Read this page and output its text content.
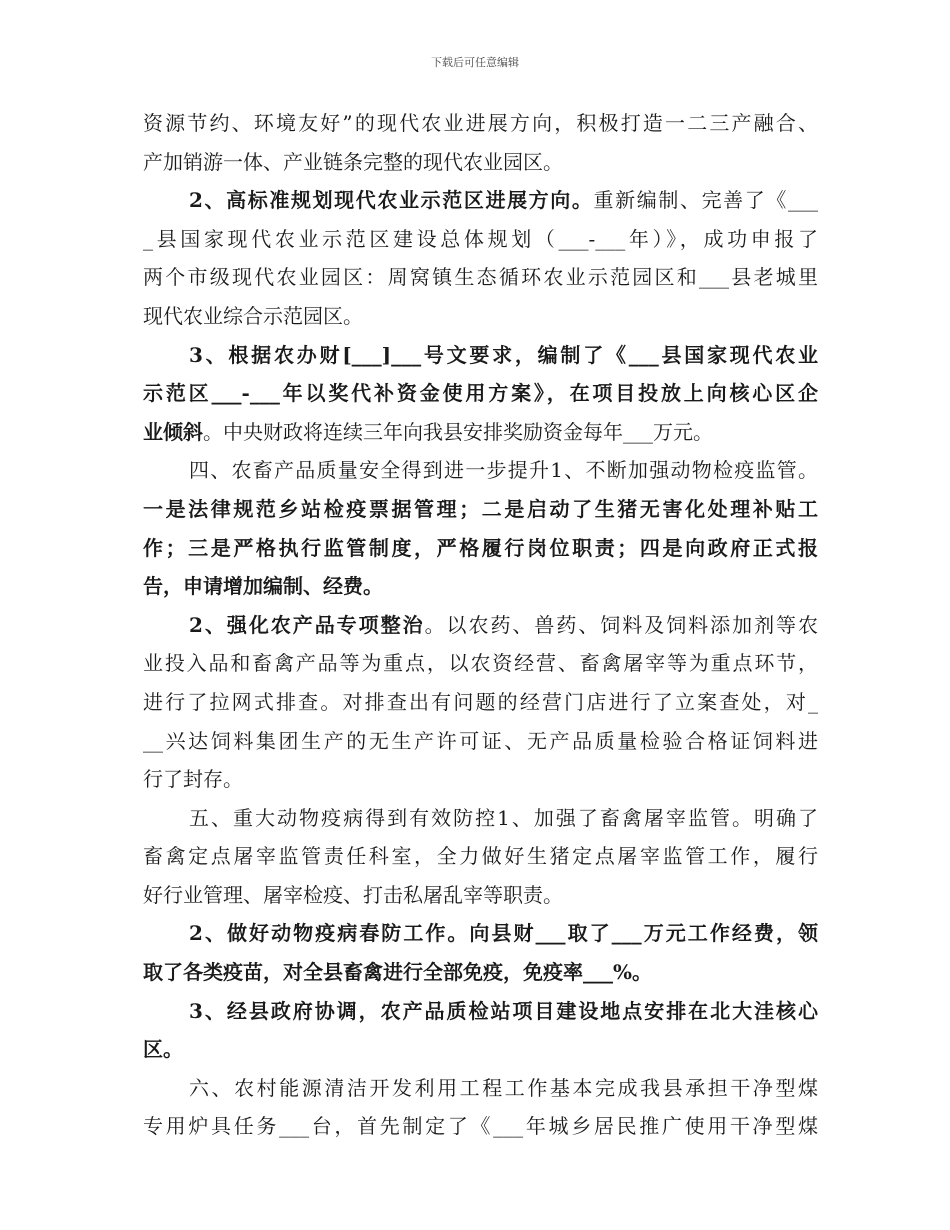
下载后可任意编辑
资源节约、环境友好”的现代农业进展方向，积极打造一二三产融合、
产加销游一体、产业链条完整的现代农业园区。
2、高标准规划现代农业示范区进展方向。重新编制、完善了《___
_县国家现代农业示范区建设总体规划（___-___年）》，成功申报了
两个市级现代农业园区：周窝镇生态循环农业示范园区和___县老城里
现代农业综合示范园区。
3、根据农办财[___]___号文要求，编制了《___县国家现代农业
示范区___-___年以奖代补资金使用方案》，在项目投放上向核心区企
业倾斜。中央财政将连续三年向我县安排奖励资金每年___万元。
四、农畜产品质量安全得到进一步提升1、不断加强动物检疫监管。
一是法律规范乡站检疫票据管理；二是启动了生猪无害化处理补贴工
作；三是严格执行监管制度，严格履行岗位职责；四是向政府正式报
告，申请增加编制、经费。
2、强化农产品专项整治。以农药、兽药、饲料及饲料添加剂等农
业投入品和畜禽产品等为重点，以农资经营、畜禽屠宰等为重点环节，
进行了拉网式排查。对排查出有问题的经营门店进行了立案查处，对_
__兴达饲料集团生产的无生产许可证、无产品质量检验合格证饲料进
行了封存。
五、重大动物疫病得到有效防控1、加强了畜禽屠宰监管。明确了
畜禽定点屠宰监管责任科室，全力做好生猪定点屠宰监管工作，履行
好行业管理、屠宰检疫、打击私屠乱宰等职责。
2、做好动物疫病春防工作。向县财___取了___万元工作经费，领
取了各类疫苗，对全县畜禽进行全部免疫，免疫率___%。
3、经县政府协调，农产品质检站项目建设地点安排在北大洼核心
区。
六、农村能源清洁开发利用工程工作基本完成我县承担干净型煤
专用炉具任务___台，首先制定了《___年城乡居民推广使用干净型煤
